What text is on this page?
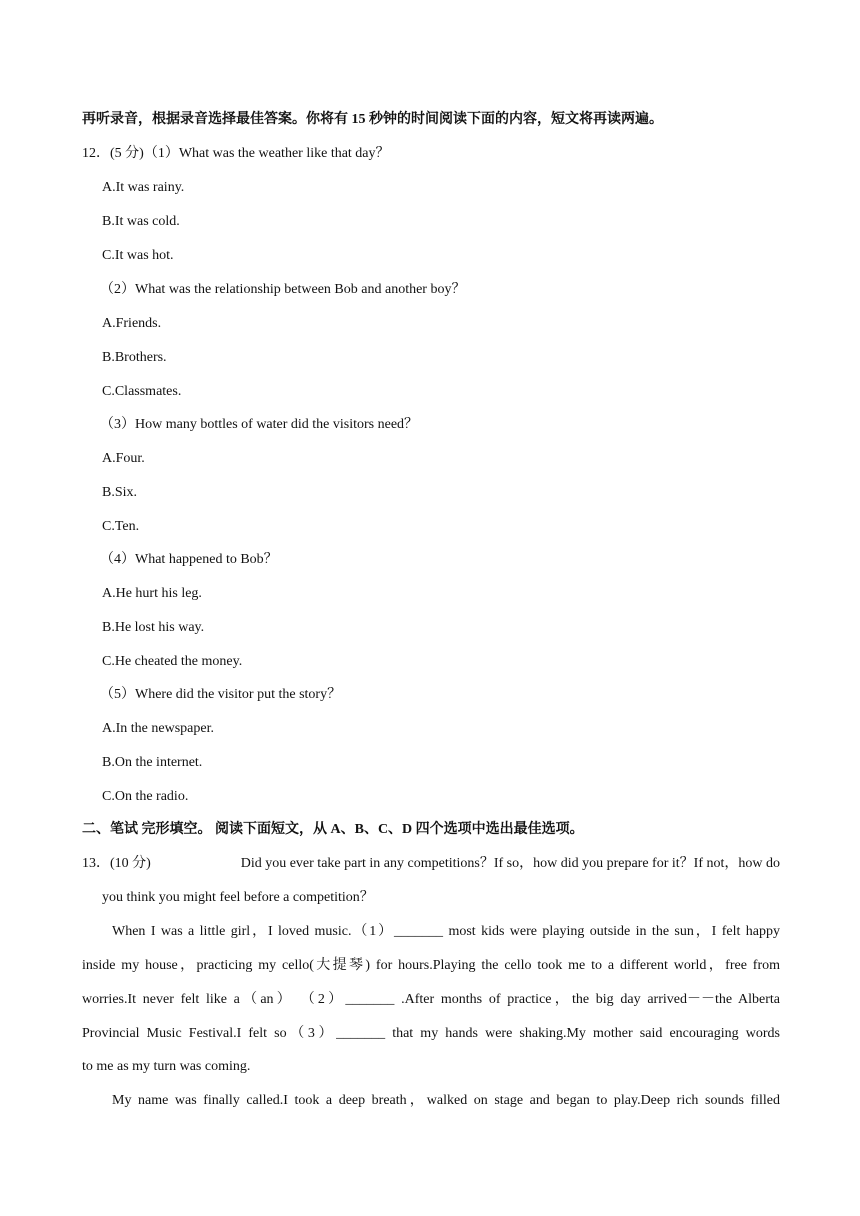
再听录音，根据录音选择最佳答案。你将有 15 秒钟的时间阅读下面的内容，短文将再读两遍。
12．(5 分)（1）What was the weather like that day？
A.It was rainy.
B.It was cold.
C.It was hot.
（2）What was the relationship between Bob and another boy？
A.Friends.
B.Brothers.
C.Classmates.
（3）How many bottles of water did the visitors need？
A.Four.
B.Six.
C.Ten.
（4）What happened to Bob？
A.He hurt his leg.
B.He lost his way.
C.He cheated the money.
（5）Where did the visitor put the story？
A.In the newspaper.
B.On the internet.
C.On the radio.
二、笔试 完形填空。 阅读下面短文，从 A、B、C、D 四个选项中选出最佳选项。
13．(10 分)	Did you ever take part in any competitions？If so，how did you prepare for it？If not，how do
you think you might feel before a competition？
When I was a little girl，I loved music.（1）_______ most kids were playing outside in the sun，I felt happy
inside my house，practicing my cello(大提琴) for hours.Playing the cello took me to a different world，free from
worries.It never felt like a（an） （2）_______ .After months of practice，the big day arrived－－the Alberta
Provincial Music Festival.I felt so（3）_______ that my hands were shaking.My mother said encouraging words
to me as my turn was coming.
My name was finally called.I took a deep breath，walked on stage and began to play.Deep rich sounds filled
